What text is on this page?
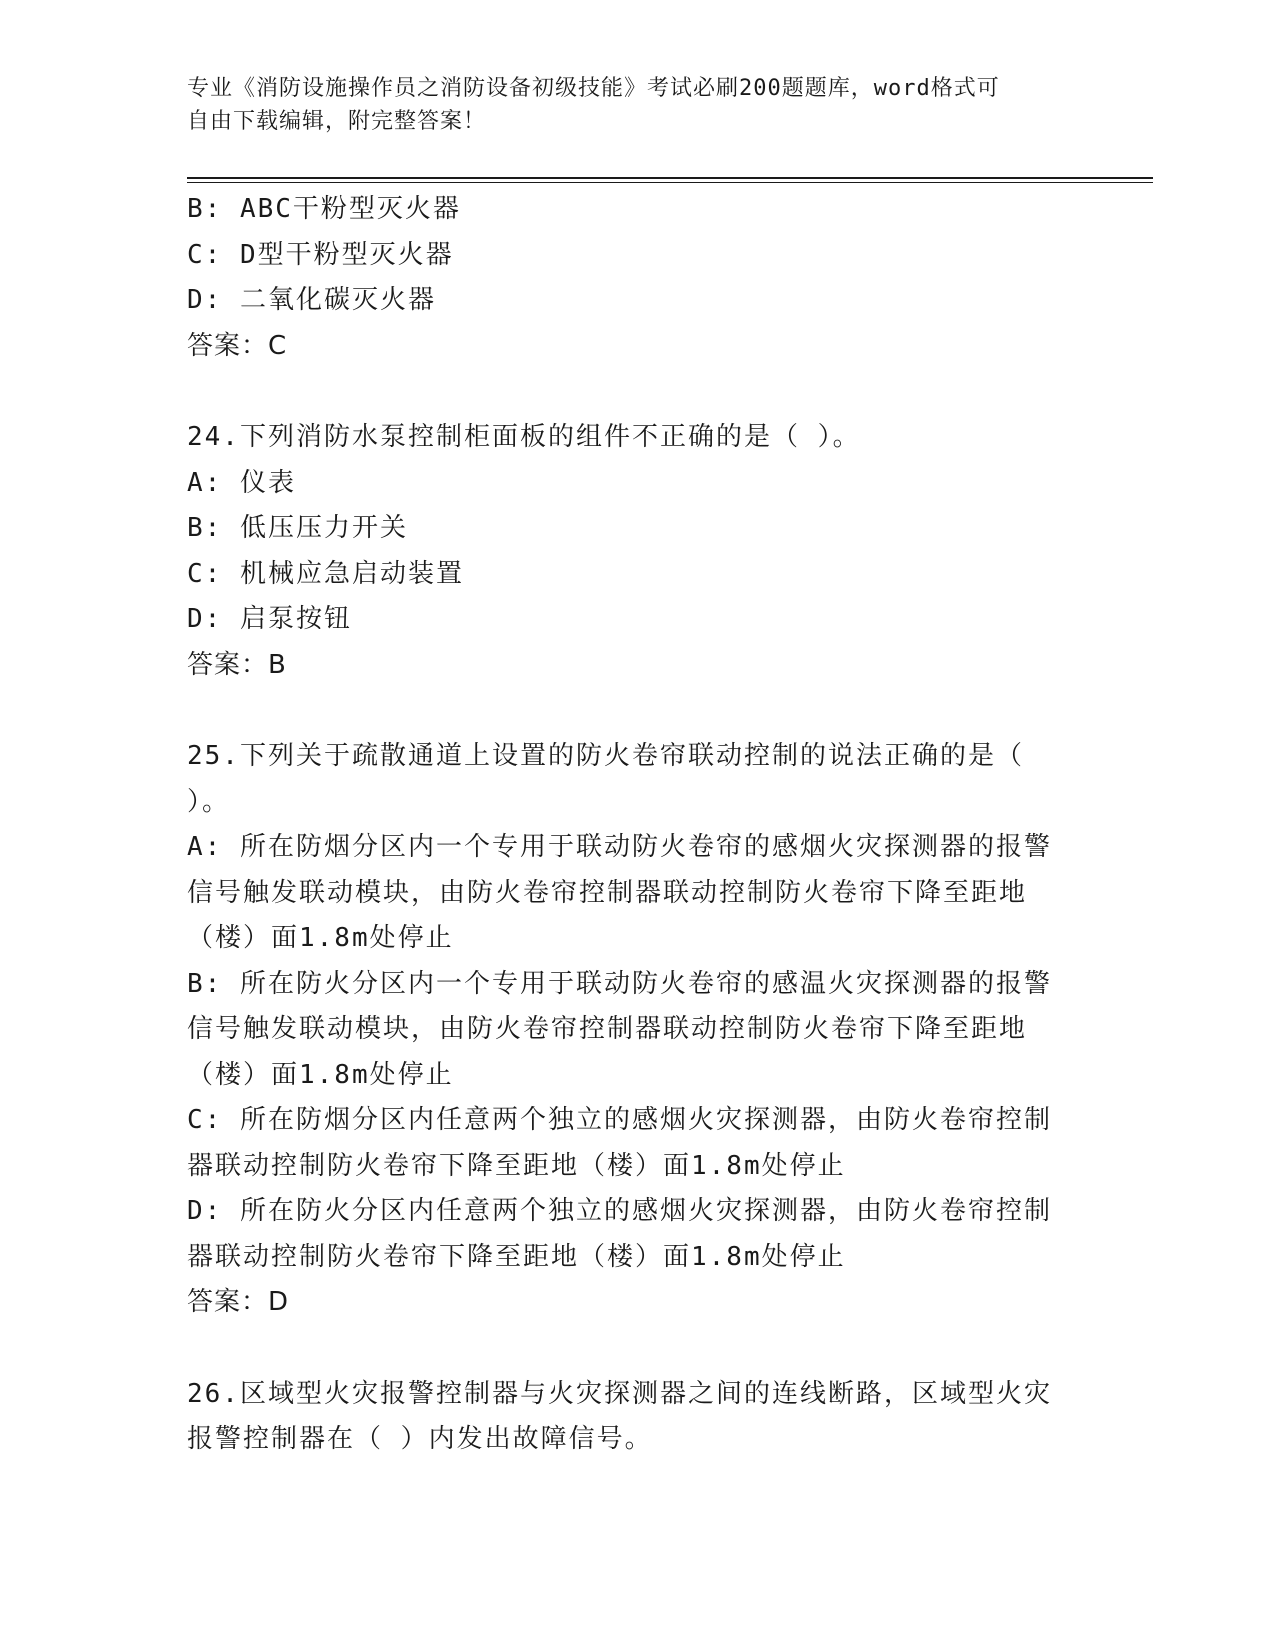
专业《消防设施操作员之消防设备初级技能》考试必刷200题题库，word格式可
自由下载编辑，附完整答案！
B: ABC干粉型灭火器
C: D型干粉型灭火器
D: 二氧化碳灭火器
答案：C
24.下列消防水泵控制柜面板的组件不正确的是（ ）。
A: 仪表
B: 低压压力开关
C: 机械应急启动装置
D: 启泵按钮
答案：B
25.下列关于疏散通道上设置的防火卷帘联动控制的说法正确的是（
）。
A: 所在防烟分区内一个专用于联动防火卷帘的感烟火灾探测器的报警
信号触发联动模块，由防火卷帘控制器联动控制防火卷帘下降至距地
（楼）面1.8m处停止
B: 所在防火分区内一个专用于联动防火卷帘的感温火灾探测器的报警
信号触发联动模块，由防火卷帘控制器联动控制防火卷帘下降至距地
（楼）面1.8m处停止
C: 所在防烟分区内任意两个独立的感烟火灾探测器，由防火卷帘控制
器联动控制防火卷帘下降至距地（楼）面1.8m处停止
D: 所在防火分区内任意两个独立的感烟火灾探测器，由防火卷帘控制
器联动控制防火卷帘下降至距地（楼）面1.8m处停止
答案：D
26.区域型火灾报警控制器与火灾探测器之间的连线断路，区域型火灾
报警控制器在（ ）内发出故障信号。
